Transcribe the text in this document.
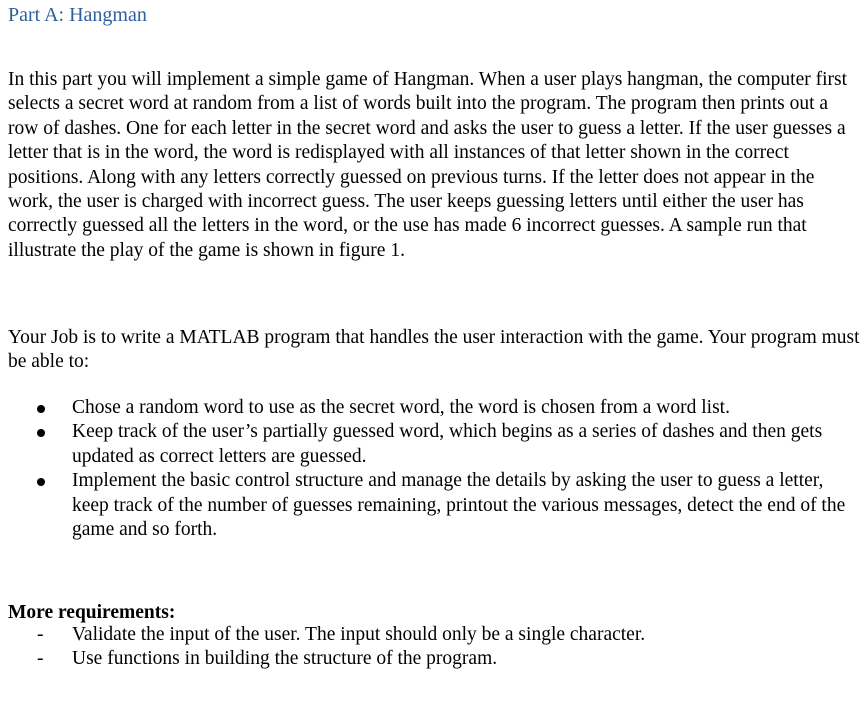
Part A: Hangman

In this part you will implement a simple game of Hangman. When a user plays hangman, the computer first selects a secret word at random from a list of words built into the program. The program then prints out a row of dashes. One for each letter in the secret word and asks the user to guess a letter. If the user guesses a letter that is in the word, the word is redisplayed with all instances of that letter shown in the correct positions. Along with any letters correctly guessed on previous turns. If the letter does not appear in the work, the user is charged with incorrect guess. The user keeps guessing letters until either the user has correctly guessed all the letters in the word, or the use has made 6 incorrect guesses. A sample run that illustrate the play of the game is shown in figure 1.

Your Job is to write a MATLAB program that handles the user interaction with the game. Your program must be able to:

Chose a random word to use as the secret word, the word is chosen from a word list.
Keep track of the user’s partially guessed word, which begins as a series of dashes and then gets updated as correct letters are guessed.
Implement the basic control structure and manage the details by asking the user to guess a letter, keep track of the number of guesses remaining, printout the various messages, detect the end of the game and so forth.

More requirements:

- Validate the input of the user. The input should only be a single character.
- Use functions in building the structure of the program.
